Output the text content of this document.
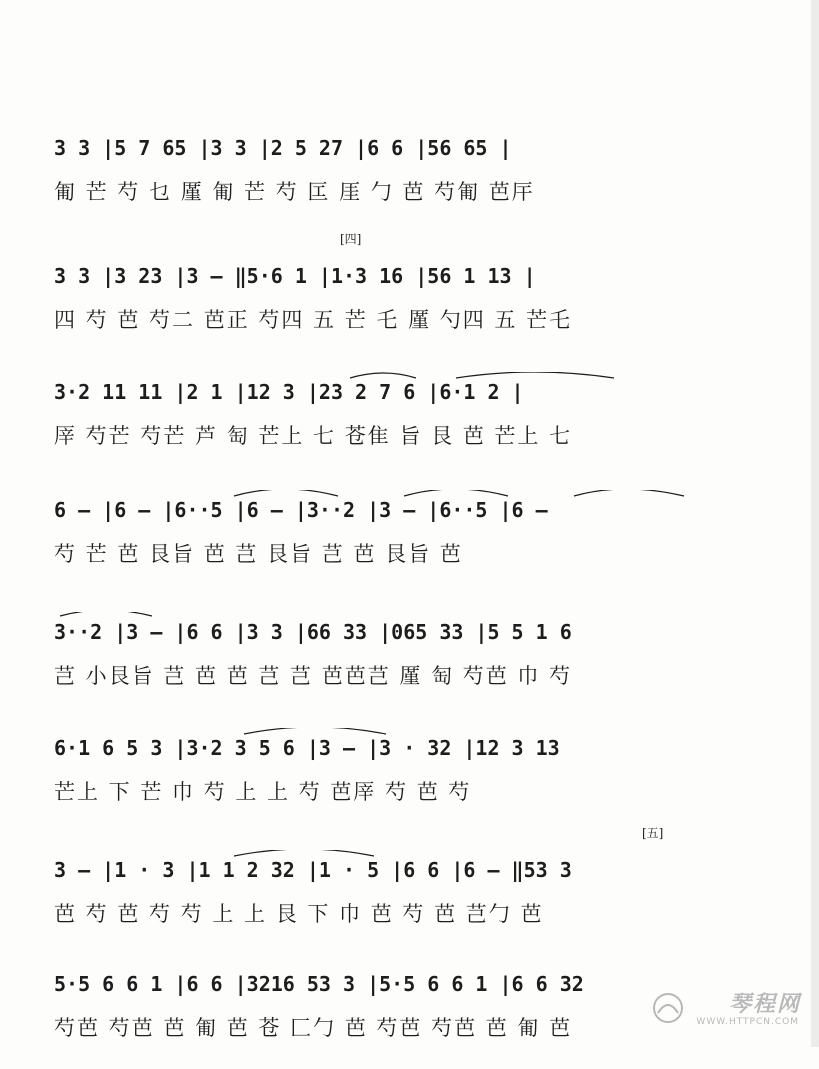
3 3 |5 7 65 |3 3 |2 5 27 |6 6 |56 65 |
匍 芒 芍 乜 厪 匍 芒 芍 匞 厓 勹 芭 芍匍 芭厈
[四]
3 3 |3 23 |3 — ‖5·6 1 |1·3 16 |56 1 13 |
四 芍 芭 芍二 芭正 芍四 五 芒 乇 厪 勺四 五 芒乇
3·2 11 11 |2 1 |12 3 |23 2 7 6 |6·1 2 |
厗 芍芒 芍芒 芦 匋 芒上 七 苍隹 旨 艮 芭 芒上 七
6 — |6 — |6··5 |6 — |3··2 |3 — |6··5 |6 —
芍 芒 芭 艮旨 芭 芑 艮旨 芑 芭 艮旨 芭
3··2 |3 — |6 6 |3 3 |66 33 |065 33 |5 5 1 6
芑 小艮旨 芑 芭 芭 芑 芑 芭芭芑 厪 匋 芍芭 巾 芍
6·1 6 5 3 |3·2 3 5 6 |3 — |3 · 32 |12 3 13
芒上 下 芒 巾 芍 上 上 芍 芭厗 芍 芭 芍
[五]
3 — |1 · 3 |1 1 2 32 |1 · 5 |6 6 |6 — ‖53 3
芭 芍 芭 芍 芍 上 上 艮 下 巾 芭 芍 芭 芑勹 芭
5·5 6 6 1 |6 6 |3216 53 3 |5·5 6 6 1 |6 6 32
芍芭 芍芭 芭 匍 芭 苍 匚勹 芭 芍芭 芍芭 芭 匍 芭
琴程网
WWW.HTTPCN.COM
